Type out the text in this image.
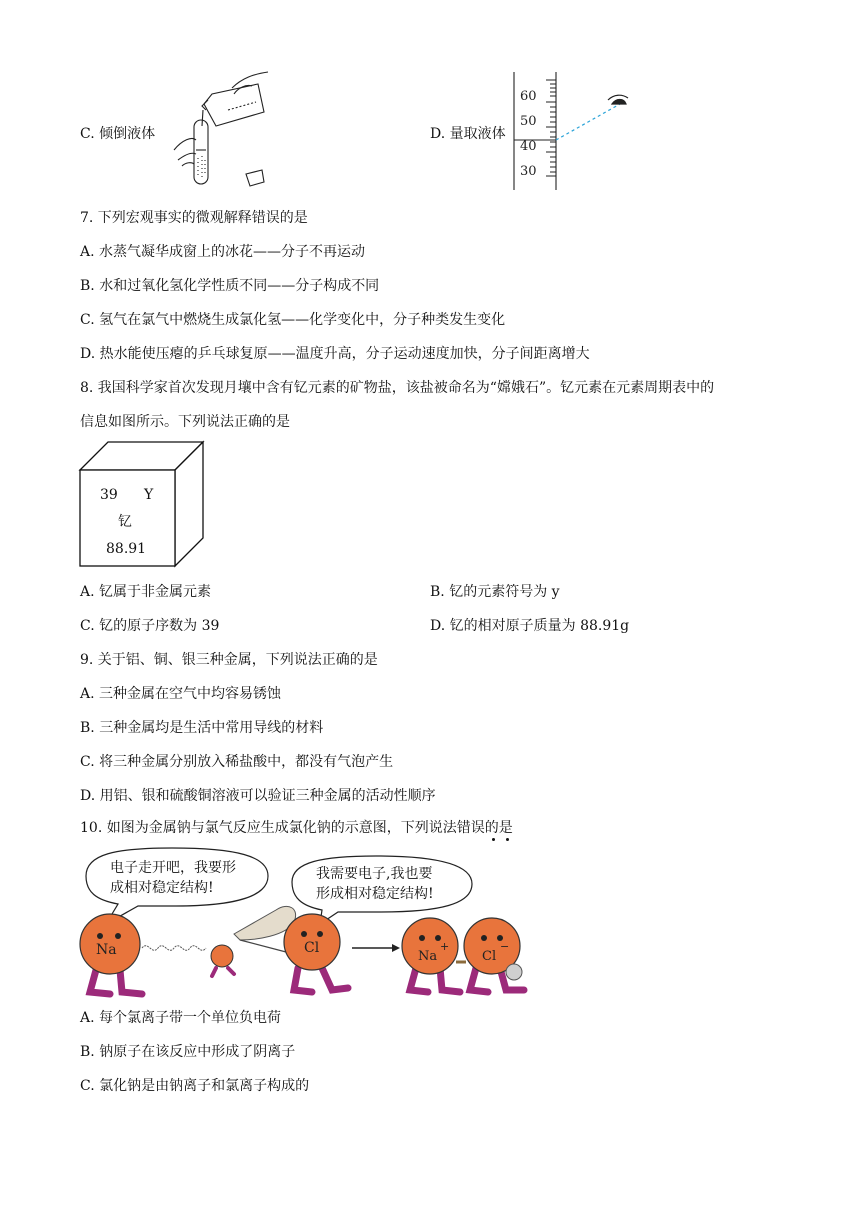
C. 倾倒液体	D. 量取液体
60
50
40
30
7. 下列宏观事实的微观解释错误的是
A. 水蒸气凝华成窗上的冰花——分子不再运动
B. 水和过氧化氢化学性质不同——分子构成不同
C. 氢气在氯气中燃烧生成氯化氢——化学变化中，分子种类发生变化
D. 热水能使压瘪的乒乓球复原——温度升高，分子运动速度加快，分子间距离增大
8. 我国科学家首次发现月壤中含有钇元素的矿物盐，该盐被命名为“嫦娥石”。钇元素在元素周期表中的
信息如图所示。下列说法正确的是
39 Y
钇
88.91
A. 钇属于非金属元素	B. 钇的元素符号为 y
C. 钇的原子序数为 39	D. 钇的相对原子质量为 88.91g
9. 关于铝、铜、银三种金属，下列说法正确的是
A. 三种金属在空气中均容易锈蚀
B. 三种金属均是生活中常用导线的材料
C. 将三种金属分别放入稀盐酸中，都没有气泡产生
D. 用铝、银和硫酸铜溶液可以验证三种金属的活动性顺序
10. 如图为金属钠与氯气反应生成氯化钠的示意图，下列说法错误的是
电子走开吧，我要形
成相对稳定结构!
我需要电子,我也要
形成相对稳定结构!
Na	Cl
Na
+
Cl
−
A. 每个氯离子带一个单位负电荷
B. 钠原子在该反应中形成了阴离子
C. 氯化钠是由钠离子和氯离子构成的
